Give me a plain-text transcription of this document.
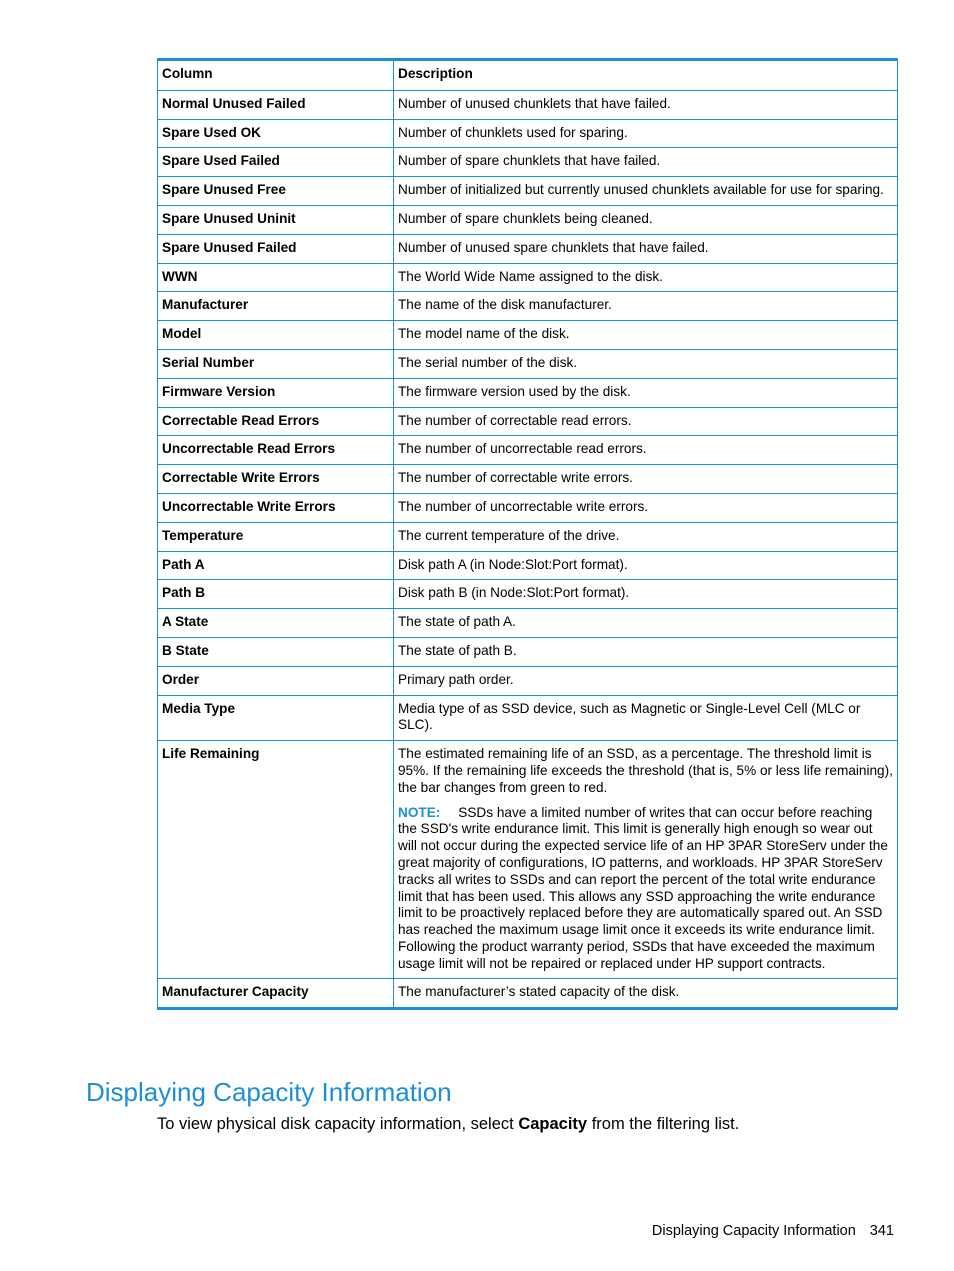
Column	Description
Normal Unused Failed	Number of unused chunklets that have failed.
Spare Used OK	Number of chunklets used for sparing.
Spare Used Failed	Number of spare chunklets that have failed.
Spare Unused Free	Number of initialized but currently unused chunklets available for use for sparing.
Spare Unused Uninit	Number of spare chunklets being cleaned.
Spare Unused Failed	Number of unused spare chunklets that have failed.
WWN	The World Wide Name assigned to the disk.
Manufacturer	The name of the disk manufacturer.
Model	The model name of the disk.
Serial Number	The serial number of the disk.
Firmware Version	The firmware version used by the disk.
Correctable Read Errors	The number of correctable read errors.
Uncorrectable Read Errors	The number of uncorrectable read errors.
Correctable Write Errors	The number of correctable write errors.
Uncorrectable Write Errors	The number of uncorrectable write errors.
Temperature	The current temperature of the drive.
Path A	Disk path A (in Node:Slot:Port format).
Path B	Disk path B (in Node:Slot:Port format).
A State	The state of path A.
B State	The state of path B.
Order	Primary path order.
Media Type	Media type of as SSD device, such as Magnetic or Single-Level Cell (MLC or SLC).
Life Remaining	The estimated remaining life of an SSD, as a percentage. The threshold limit is 95%. If the remaining life exceeds the threshold (that is, 5% or less life remaining), the bar changes from green to red.

NOTE: SSDs have a limited number of writes that can occur before reaching the SSD's write endurance limit. This limit is generally high enough so wear out will not occur during the expected service life of an HP 3PAR StoreServ under the great majority of configurations, IO patterns, and workloads. HP 3PAR StoreServ tracks all writes to SSDs and can report the percent of the total write endurance limit that has been used. This allows any SSD approaching the write endurance limit to be proactively replaced before they are automatically spared out. An SSD has reached the maximum usage limit once it exceeds its write endurance limit. Following the product warranty period, SSDs that have exceeded the maximum usage limit will not be repaired or replaced under HP support contracts.

Manufacturer Capacity	The manufacturer’s stated capacity of the disk.
Displaying Capacity Information

To view physical disk capacity information, select Capacity from the filtering list.

Displaying Capacity Information 341
